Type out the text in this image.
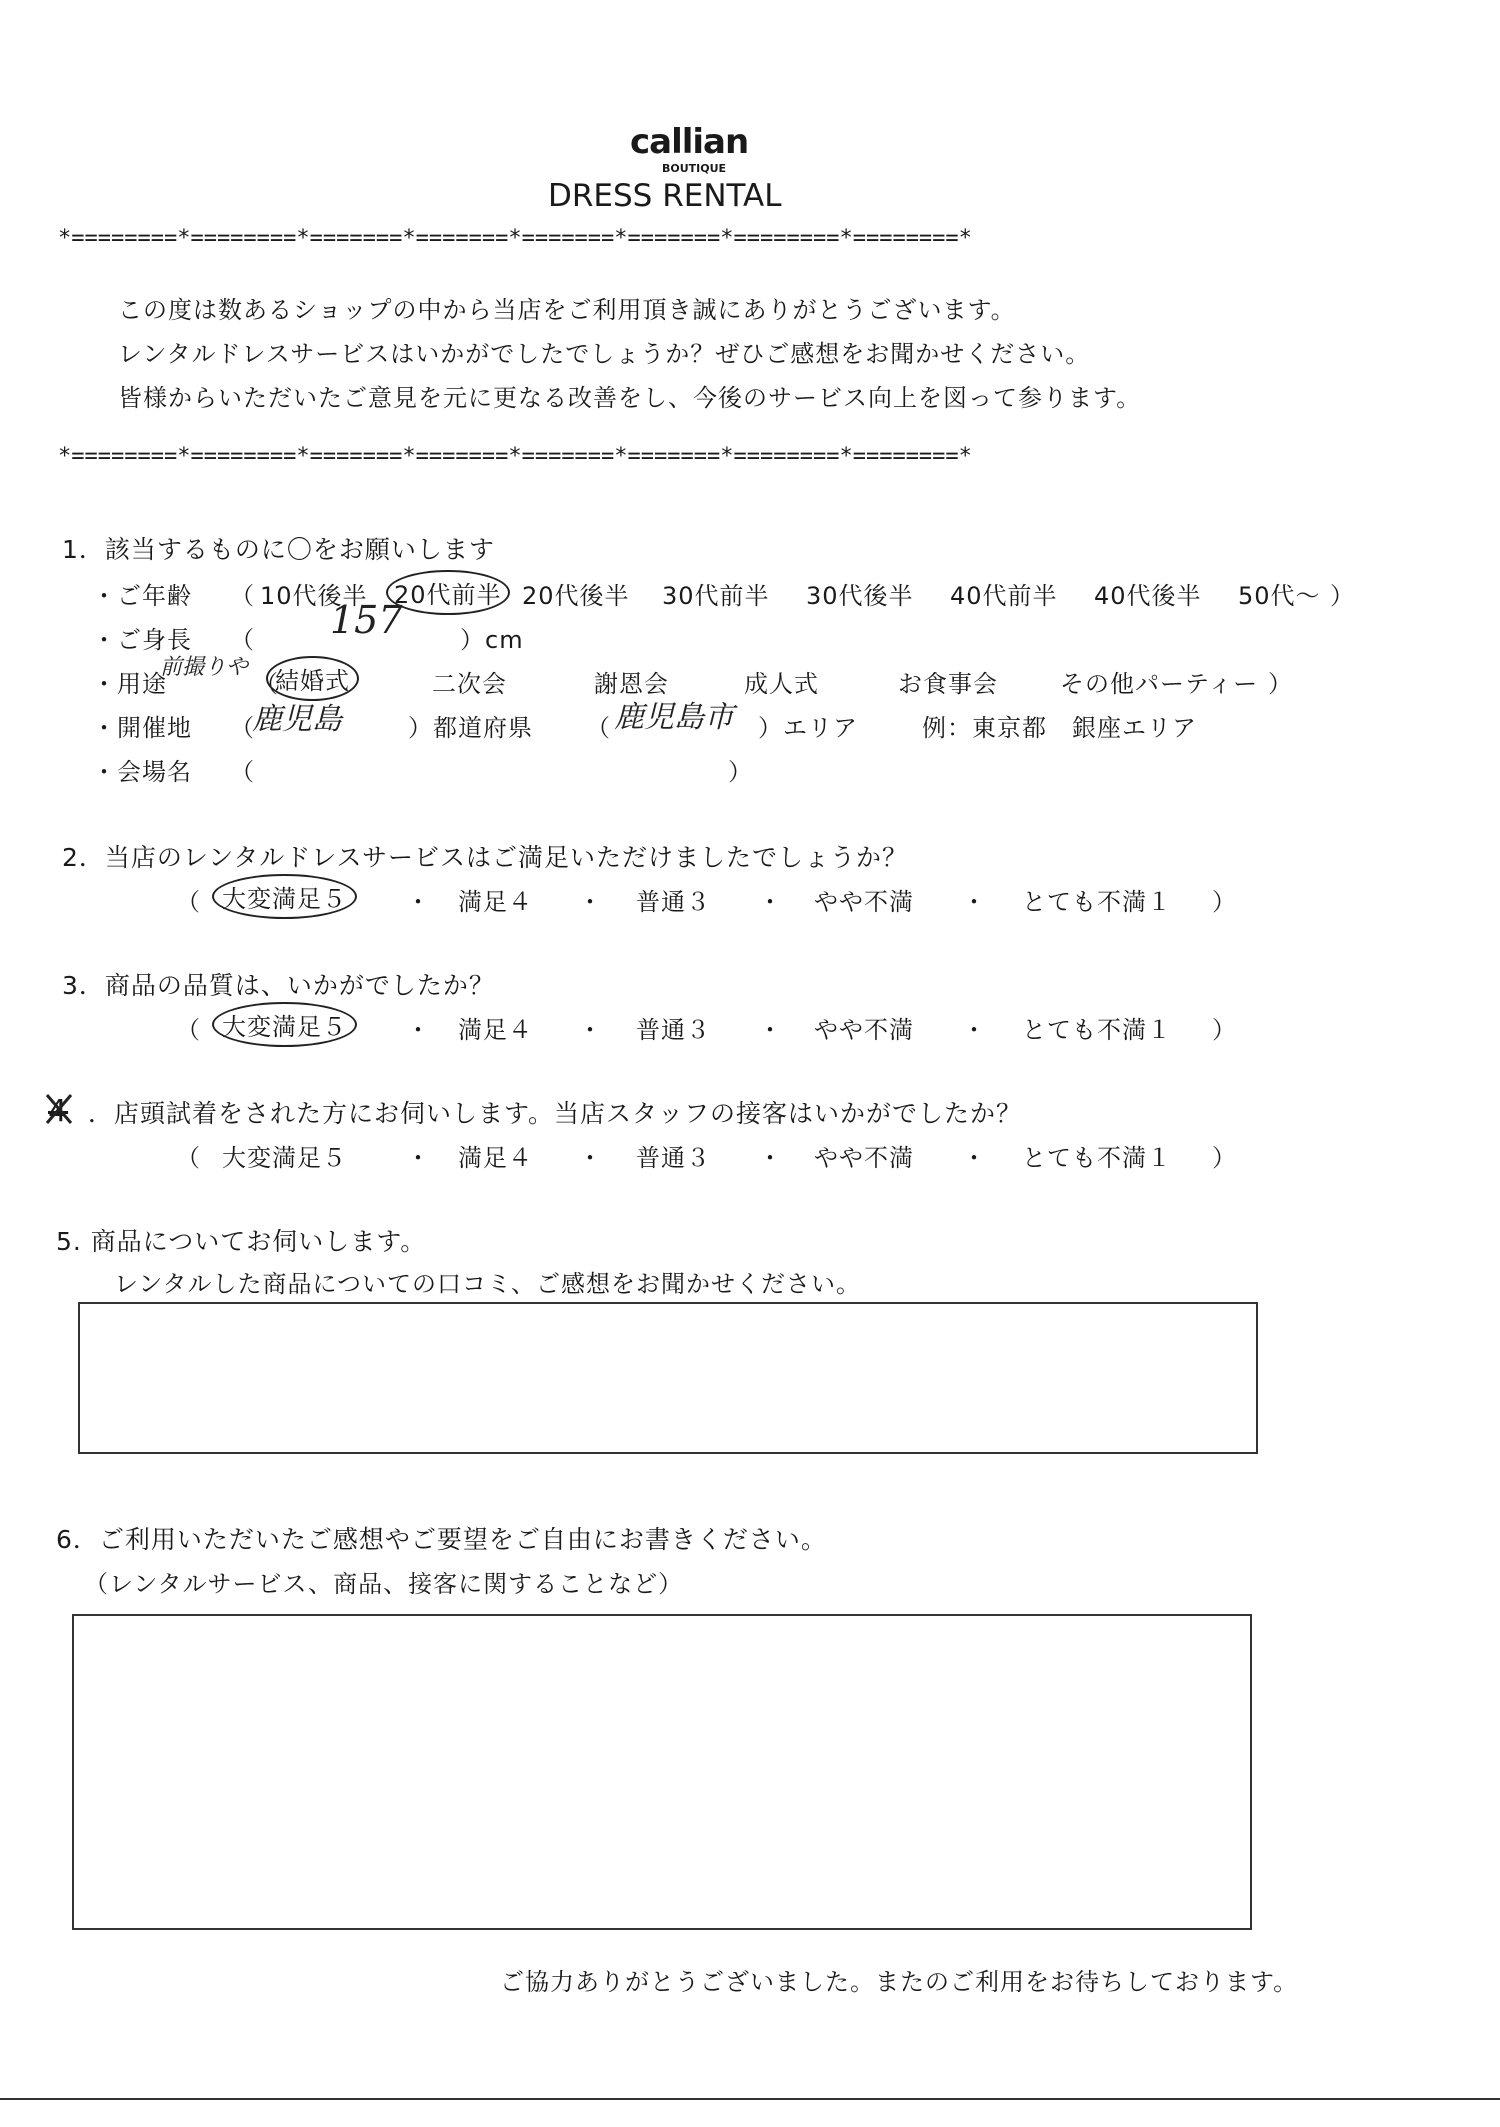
callian
BOUTIQUE
DRESS RENTAL
*========*========*=======*=======*=======*=======*========*========*
この度は数あるショップの中から当店をご利用頂き誠にありがとうございます。
レンタルドレスサービスはいかがでしたでしょうか？ぜひご感想をお聞かせください。
皆様からいただいたご意見を元に更なる改善をし、今後のサービス向上を図って参ります。
*========*========*=======*=======*=======*=======*========*========*
1．該当するものに〇をお願いします
・ご年齢 （ 10代後半	20代前半 20代後半 30代前半 30代後半 40代前半 40代後半 50代～ ）
・ご身長 （ 157 ）cm
・用途
前撮りや
（
結婚式	二次会	謝恩会	成人式	お食事会	その他パーティー ）
・開催地 （
鹿児島	）都道府県 （ 鹿児島市 ）エリア	例：東京都　銀座エリア
・会場名 （	）
2．当店のレンタルドレスサービスはご満足いただけましたでしょうか？
（ 大変満足５	・ 満足４ ・ 普通３ ・ やや不満 ・ とても不満１ ）
3．商品の品質は、いかがでしたか？
（ 大変満足５	・ 満足４ ・ 普通３ ・ やや不満 ・ とても不満１ ）
4 ．店頭試着をされた方にお伺いします。当店スタッフの接客はいかがでしたか？
（ 大変満足５ ・ 満足４ ・ 普通３ ・ やや不満 ・ とても不満１ ）
5. 商品についてお伺いします。
レンタルした商品についての口コミ、ご感想をお聞かせください。
6．ご利用いただいたご感想やご要望をご自由にお書きください。
（レンタルサービス、商品、接客に関することなど）
ご協力ありがとうございました。またのご利用をお待ちしております。
